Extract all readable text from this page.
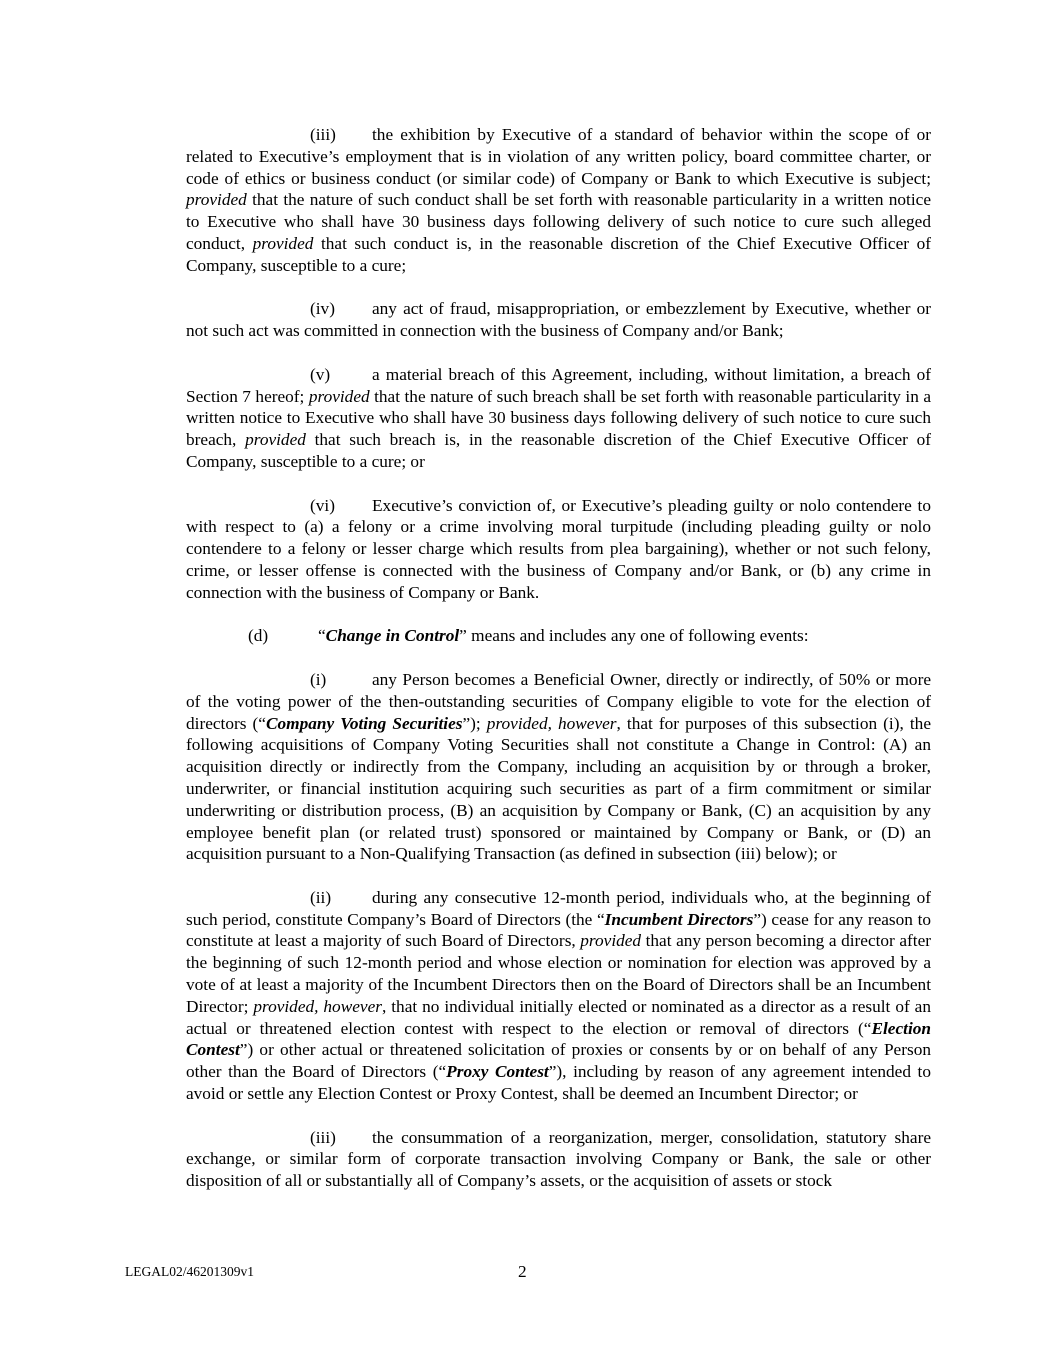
(iii) the exhibition by Executive of a standard of behavior within the scope of or related to Executive’s employment that is in violation of any written policy, board committee charter, or code of ethics or business conduct (or similar code) of Company or Bank to which Executive is subject; provided that the nature of such conduct shall be set forth with reasonable particularity in a written notice to Executive who shall have 30 business days following delivery of such notice to cure such alleged conduct, provided that such conduct is, in the reasonable discretion of the Chief Executive Officer of Company, susceptible to a cure;

(iv) any act of fraud, misappropriation, or embezzlement by Executive, whether or not such act was committed in connection with the business of Company and/or Bank;

(v) a material breach of this Agreement, including, without limitation, a breach of Section 7 hereof; provided that the nature of such breach shall be set forth with reasonable particularity in a written notice to Executive who shall have 30 business days following delivery of such notice to cure such breach, provided that such breach is, in the reasonable discretion of the Chief Executive Officer of Company, susceptible to a cure; or

(vi) Executive’s conviction of, or Executive’s pleading guilty or nolo contendere to with respect to (a) a felony or a crime involving moral turpitude (including pleading guilty or nolo contendere to a felony or lesser charge which results from plea bargaining), whether or not such felony, crime, or lesser offense is connected with the business of Company and/or Bank, or (b) any crime in connection with the business of Company or Bank.

(d)	“Change in Control” means and includes any one of following events:

(i)	any Person becomes a Beneficial Owner, directly or indirectly, of 50% or more of the voting power of the then-outstanding securities of Company eligible to vote for the election of directors (“Company Voting Securities”); provided, however, that for purposes of this subsection (i), the following acquisitions of Company Voting Securities shall not constitute a Change in Control: (A) an acquisition directly or indirectly from the Company, including an acquisition by or through a broker, underwriter, or financial institution acquiring such securities as part of a firm commitment or similar underwriting or distribution process, (B) an acquisition by Company or Bank, (C) an acquisition by any employee benefit plan (or related trust) sponsored or maintained by Company or Bank, or (D) an acquisition pursuant to a Non-Qualifying Transaction (as defined in subsection (iii) below); or

(ii) during any consecutive 12-month period, individuals who, at the beginning of such period, constitute Company’s Board of Directors (the “Incumbent Directors”) cease for any reason to constitute at least a majority of such Board of Directors, provided that any person becoming a director after the beginning of such 12-month period and whose election or nomination for election was approved by a vote of at least a majority of the Incumbent Directors then on the Board of Directors shall be an Incumbent Director; provided, however, that no individual initially elected or nominated as a director as a result of an actual or threatened election contest with respect to the election or removal of directors (“Election Contest”) or other actual or threatened solicitation of proxies or consents by or on behalf of any Person other than the Board of Directors (“Proxy Contest”), including by reason of any agreement intended to avoid or settle any Election Contest or Proxy Contest, shall be deemed an Incumbent Director; or

(iii) the consummation of a reorganization, merger, consolidation, statutory share exchange, or similar form of corporate transaction involving Company or Bank, the sale or other disposition of all or substantially all of Company’s assets, or the acquisition of assets or stock

LEGAL02/46201309v1	2
